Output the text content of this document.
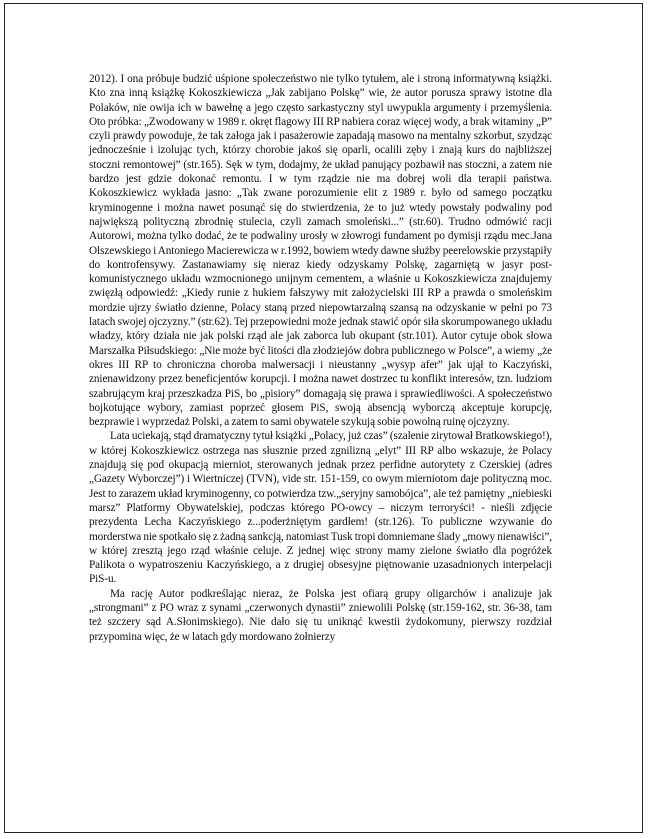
2012). I ona próbuje budzić uśpione społeczeństwo nie tylko tytułem, ale i stroną informatywną książki. Kto zna inną książkę Kokoszkiewicza „Jak zabijano Polskę” wie, że autor porusza sprawy istotne dla Polaków, nie owija ich w bawełnę a jego często sarkastyczny styl uwypukla argumenty i przemyślenia. Oto próbka: „Zwodowany w 1989 r. okręt flagowy III RP nabiera coraz więcej wody, a brak witaminy „P” czyli prawdy powoduje, że tak załoga jak i pasażerowie zapadają masowo na mentalny szkorbut, szydząc jednocześnie i izolując tych, którzy chorobie jakoś się oparli, ocalili zęby i znają kurs do najbliższej stoczni remontowej” (str.165). Sęk w tym, dodajmy, że układ panujący pozbawił nas stoczni, a zatem nie bardzo jest gdzie dokonać remontu. I w tym rządzie nie ma dobrej woli dla terapii państwa. Kokoszkiewicz wykłada jasno: „Tak zwane porozumienie elit z 1989 r. było od samego początku kryminogenne i można nawet posunąć się do stwierdzenia, że to już wtedy powstały podwaliny pod największą polityczną zbrodnię stulecia, czyli zamach smoleński...” (str.60). Trudno odmówić racji Autorowi, można tylko dodać, że te podwaliny urosły w złowrogi fundament po dymisji rządu mec.Jana Olszewskiego i Antoniego Macierewicza w r.1992, bowiem wtedy dawne służby peerelowskie przystąpiły do kontrofensywy. Zastanawiamy się nieraz kiedy odzyskamy Polskę, zagarniętą w jasyr post-komunistycznego układu wzmocnionego unijnym cementem, a właśnie u Kokoszkiewicza znajdujemy zwięzłą odpowiedź: „Kiedy runie z hukiem fałszywy mit założycielski III RP a prawda o smoleńskim mordzie ujrzy światło dzienne, Polacy staną przed niepowtarzalną szansą na odzyskanie w pełni po 73 latach swojej ojczyzny.” (str.62). Tej przepowiedni może jednak stawić opór siła skorumpowanego układu władzy, który działa nie jak polski rząd ale jak zaborca lub okupant (str.101). Autor cytuje obok słowa Marszałka Piłsudskiego: „Nie może być litości dla złodziejów dobra publicznego w Polsce”, a wiemy „że okres III RP to chroniczna choroba malwersacji i nieustanny „wysyp afer” jak ujął to Kaczyński, znienawidzony przez beneficjentów korupcji. I można nawet dostrzec tu konflikt interesów, tzn. ludziom szabrującym kraj przeszkadza PiS, bo „pisiory” domagają się prawa i sprawiedliwości. A społeczeństwo bojkotujące wybory, zamiast poprzeć głosem PiS, swoją absencją wyborczą akceptuje korupcję, bezprawie i wyprzedaż Polski, a zatem to sami obywatele szykują sobie powolną ruinę ojczyzny.

Lata uciekają, stąd dramatyczny tytuł książki „Polacy, już czas” (szalenie zirytował Bratkowskiego!), w której Kokoszkiewicz ostrzega nas słusznie przed zgnilizną „elyt” III RP albo wskazuje, że Polacy znajdują się pod okupacją mierniot, sterowanych jednak przez perfidne autorytety z Czerskiej (adres „Gazety Wyborczej”) i Wiertniczej (TVN), vide str. 151-159, co owym mierniotom daje polityczną moc. Jest to zarazem układ kryminogenny, co potwierdza tzw.„seryjny samobójca”, ale też pamiętny „niebieski marsz” Platformy Obywatelskiej, podczas którego PO-owcy – niczym terroryści! - nieśli zdjęcie prezydenta Lecha Kaczyńskiego z...poderżniętym gardłem! (str.126). To publiczne wzywanie do morderstwa nie spotkało się z żadną sankcją, natomiast Tusk tropi domniemane ślady „mowy nienawiści”, w której zresztą jego rząd właśnie celuje. Z jednej więc strony mamy zielone światło dla pogróżek Palikota o wypatroszeniu Kaczyńskiego, a z drugiej obsesyjne piętnowanie uzasadnionych interpelacji PiS-u.

Ma rację Autor podkreślając nieraz, że Polska jest ofiarą grupy oligarchów i analizuje jak „strongmani” z PO wraz z synami „czerwonych dynastii” zniewolili Polskę (str.159-162, str. 36-38, tam też szczery sąd A.Słonimskiego). Nie dało się tu uniknąć kwestii żydokomuny, pierwszy rozdział przypomina więc, że w latach gdy mordowano żołnierzy
